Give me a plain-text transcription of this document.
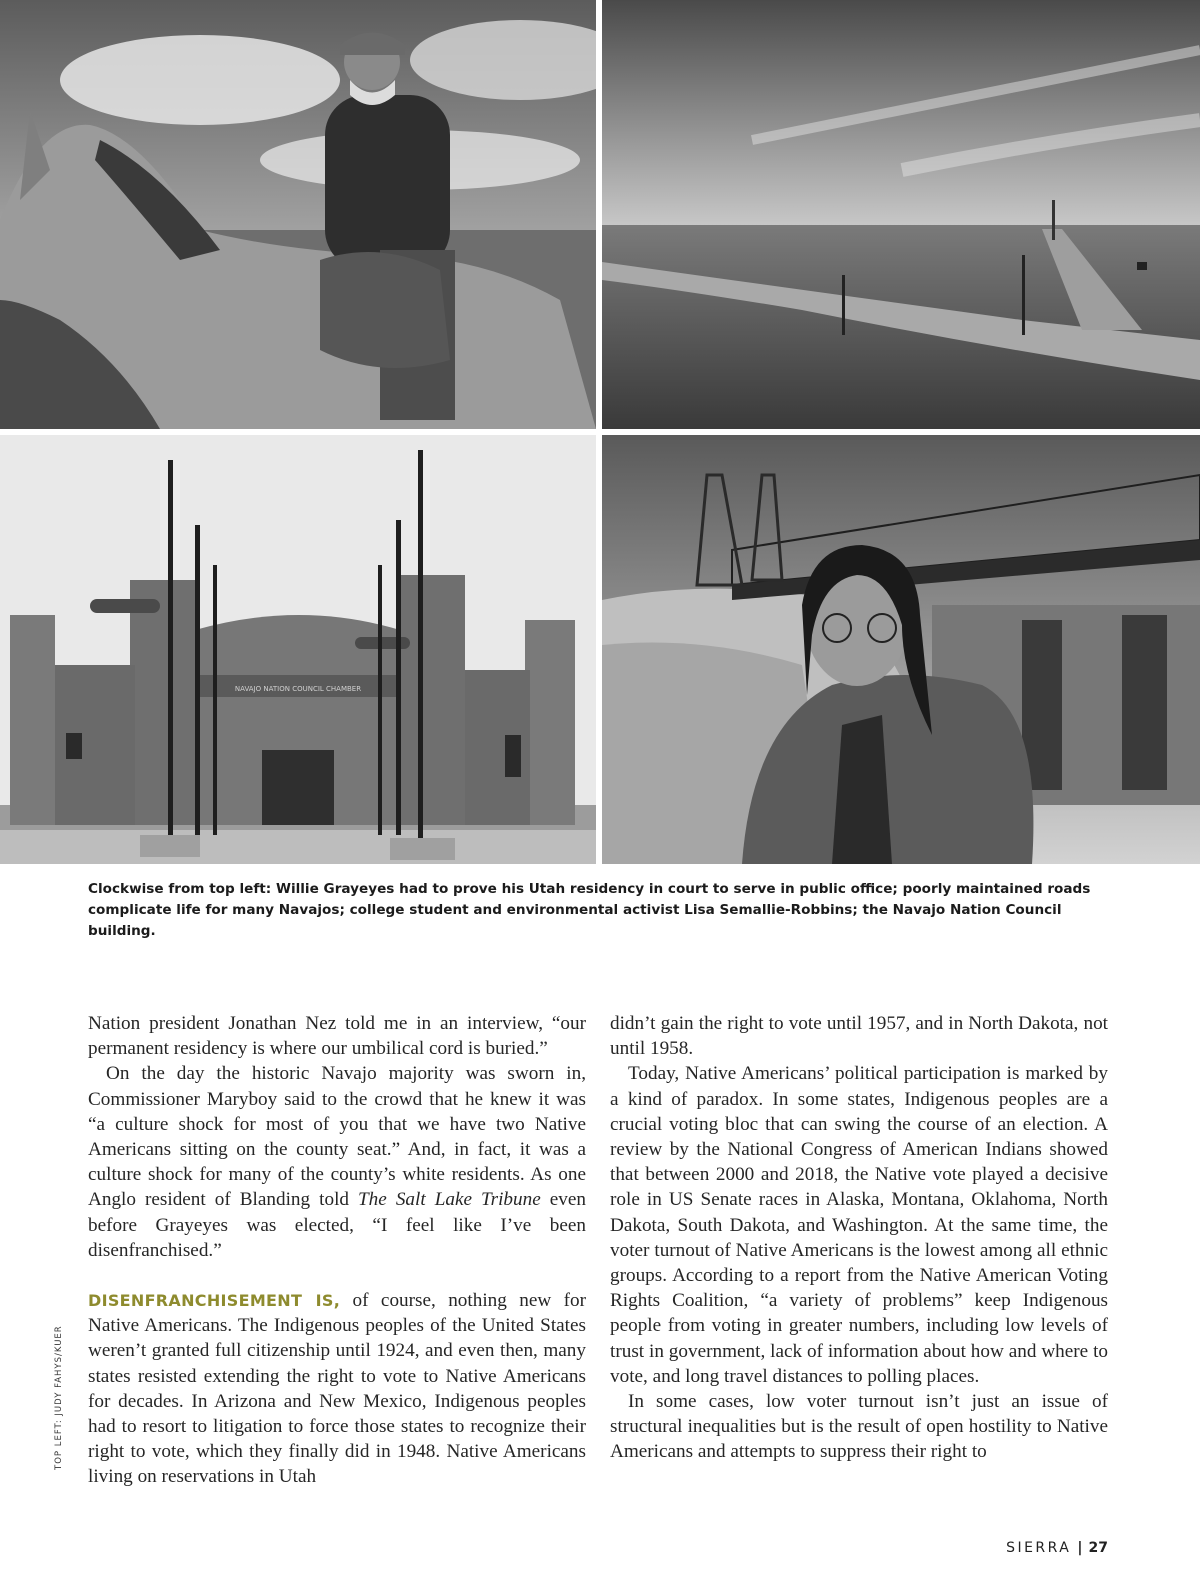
NAVAJO NATION COUNCIL CHAMBER

Clockwise from top left: Willie Grayeyes had to prove his Utah residency in court to serve in public office; poorly maintained roads complicate life for many Navajos; college student and environmental activist Lisa Semallie-Robbins; the Navajo Nation Council building.

Nation president Jonathan Nez told me in an interview, “our permanent residency is where our umbilical cord is buried.”

On the day the historic Navajo majority was sworn in, Commissioner Maryboy said to the crowd that he knew it was “a culture shock for most of you that we have two Native Americans sitting on the county seat.” And, in fact, it was a culture shock for many of the county’s white residents. As one Anglo resident of Blanding told The Salt Lake Tribune even before Grayeyes was elected, “I feel like I’ve been disenfranchised.”

DISENFRANCHISEMENT IS, of course, nothing new for Native Americans. The Indigenous peoples of the United States weren’t granted full citizenship until 1924, and even then, many states resisted extending the right to vote to Native Americans for decades. In Arizona and New Mexico, Indigenous peoples had to resort to litigation to force those states to recognize their right to vote, which they finally did in 1948. Native Americans living on reservations in Utah

didn’t gain the right to vote until 1957, and in North Dakota, not until 1958.

Today, Native Americans’ political participation is marked by a kind of paradox. In some states, Indigenous peoples are a crucial voting bloc that can swing the course of an election. A review by the National Congress of American Indians showed that between 2000 and 2018, the Native vote played a decisive role in US Senate races in Alaska, Montana, Oklahoma, North Dakota, South Dakota, and Washington. At the same time, the voter turnout of Native Americans is the lowest among all ethnic groups. According to a report from the Native American Voting Rights Coalition, “a variety of problems” keep Indigenous people from voting in greater numbers, including low levels of trust in government, lack of information about how and where to vote, and long travel distances to polling places.

In some cases, low voter turnout isn’t just an issue of structural inequalities but is the result of open hostility to Native Americans and attempts to suppress their right to

TOP LEFT: JUDY FAHYS/KUER
SIERRA | 27
